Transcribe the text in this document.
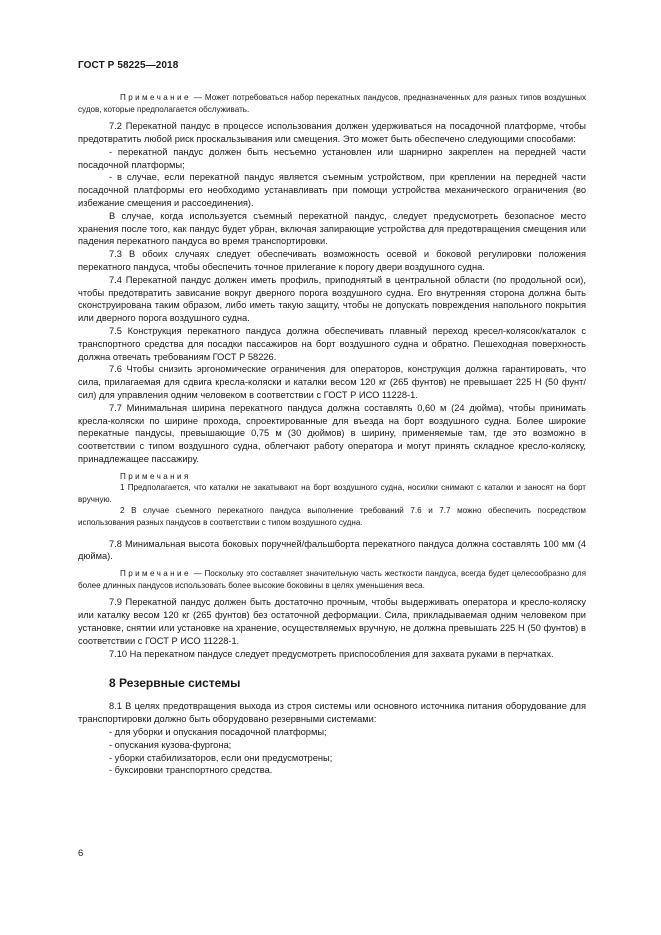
ГОСТ Р 58225—2018

Примечание — Может потребоваться набор перекатных пандусов, предназначенных для разных типов воздушных судов, которые предполагается обслуживать.

7.2 Перекатной пандус в процессе использования должен удерживаться на посадочной платформе, чтобы предотвратить любой риск проскальзывания или смещения. Это может быть обеспечено следующими способами:

- перекатной пандус должен быть несъемно установлен или шарнирно закреплен на передней части посадочной платформы;

- в случае, если перекатной пандус является съемным устройством, при креплении на передней части посадочной платформы его необходимо устанавливать при помощи устройства механического ограничения (во избежание смещения и рассоединения).

В случае, когда используется съемный перекатной пандус, следует предусмотреть безопасное место хранения после того, как пандус будет убран, включая запирающие устройства для предотвращения смещения или падения перекатного пандуса во время транспортировки.

7.3 В обоих случаях следует обеспечивать возможность осевой и боковой регулировки положения перекатного пандуса, чтобы обеспечить точное прилегание к порогу двери воздушного судна.

7.4 Перекатной пандус должен иметь профиль, приподнятый в центральной области (по продольной оси), чтобы предотвратить зависание вокруг дверного порога воздушного судна. Его внутренняя сторона должна быть сконструирована таким образом, либо иметь такую защиту, чтобы не допускать повреждения напольного покрытия или дверного порога воздушного судна.

7.5 Конструкция перекатного пандуса должна обеспечивать плавный переход кресел-колясок/каталок с транспортного средства для посадки пассажиров на борт воздушного судна и обратно. Пешеходная поверхность должна отвечать требованиям ГОСТ Р 58226.

7.6 Чтобы снизить эргономические ограничения для операторов, конструкция должна гарантировать, что сила, прилагаемая для сдвига кресла-коляски и каталки весом 120 кг (265 фунтов) не превышает 225 Н (50 фунт/сил) для управления одним человеком в соответствии с ГОСТ Р ИСО 11228-1.

7.7 Минимальная ширина перекатного пандуса должна составлять 0,60 м (24 дюйма), чтобы принимать кресла-коляски по ширине прохода, спроектированные для въезда на борт воздушного судна. Более широкие перекатные пандусы, превышающие 0,75 м (30 дюймов) в ширину, применяемые там, где это возможно в соответствии с типом воздушного судна, облегчают работу оператора и могут принять складное кресло-коляску, принадлежащее пассажиру.

Примечания

1 Предполагается, что каталки не закатывают на борт воздушного судна, носилки снимают с каталки и заносят на борт вручную.

2 В случае съемного перекатного пандуса выполнение требований 7.6 и 7.7 можно обеспечить посредством использования разных пандусов в соответствии с типом воздушного судна.

7.8 Минимальная высота боковых поручней/фальшборта перекатного пандуса должна составлять 100 мм (4 дюйма).

Примечание — Поскольку это составляет значительную часть жесткости пандуса, всегда будет целесообразно для более длинных пандусов использовать более высокие боковины в целях уменьшения веса.

7.9 Перекатной пандус должен быть достаточно прочным, чтобы выдерживать оператора и кресло-коляску или каталку весом 120 кг (265 фунтов) без остаточной деформации. Сила, прикладываемая одним человеком при установке, снятии или установке на хранение, осуществляемых вручную, не должна превышать 225 Н (50 фунтов) в соответствии с ГОСТ Р ИСО 11228-1.

7.10 На перекатном пандусе следует предусмотреть приспособления для захвата руками в перчатках.

8 Резервные системы

8.1 В целях предотвращения выхода из строя системы или основного источника питания оборудование для транспортировки должно быть оборудовано резервными системами:

- для уборки и опускания посадочной платформы;

- опускания кузова-фургона;

- уборки стабилизаторов, если они предусмотрены;

- буксировки транспортного средства.

6
